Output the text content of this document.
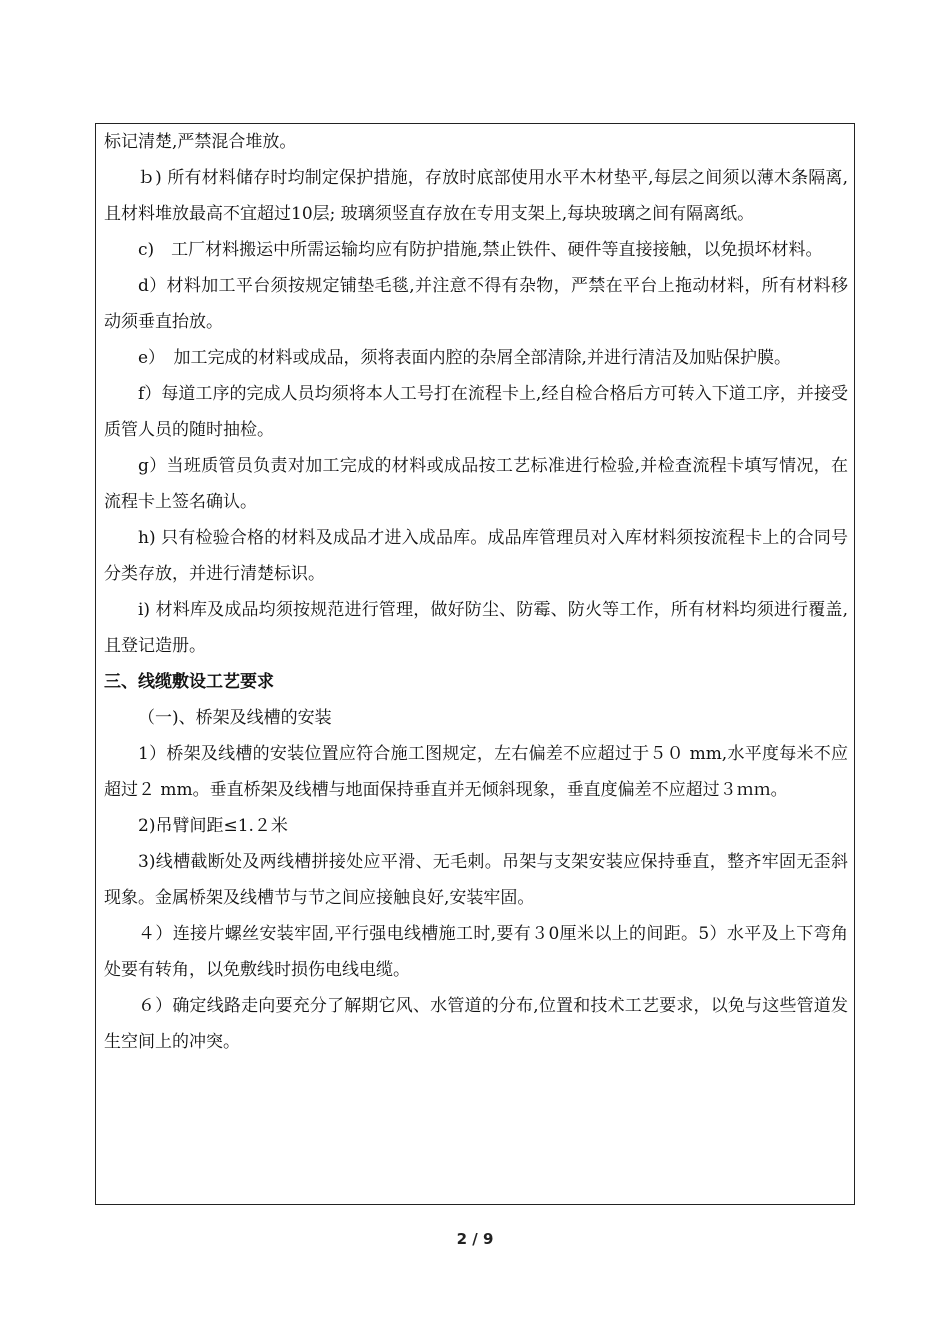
标记清楚,严禁混合堆放。

ｂ) 所有材料储存时均制定保护措施，存放时底部使用水平木材垫平,每层之间须以薄木条隔离,且材料堆放最高不宜超过10层; 玻璃须竖直存放在专用支架上,每块玻璃之间有隔离纸。

c)　工厂材料搬运中所需运输均应有防护措施,禁止铁件、硬件等直接接触，以免损坏材料。

d）材料加工平台须按规定铺垫毛毯,并注意不得有杂物，严禁在平台上拖动材料，所有材料移动须垂直抬放。

e）　加工完成的材料或成品，须将表面内腔的杂屑全部清除,并进行清洁及加贴保护膜。

f）每道工序的完成人员均须将本人工号打在流程卡上,经自检合格后方可转入下道工序，并接受质管人员的随时抽检。

g）当班质管员负责对加工完成的材料或成品按工艺标准进行检验,并检查流程卡填写情况，在流程卡上签名确认。

h) 只有检验合格的材料及成品才进入成品库。成品库管理员对入库材料须按流程卡上的合同号分类存放，并进行清楚标识。

i) 材料库及成品均须按规范进行管理，做好防尘、防霉、防火等工作，所有材料均须进行覆盖,且登记造册。

三、线缆敷设工艺要求

（一)、桥架及线槽的安装

1）桥架及线槽的安装位置应符合施工图规定，左右偏差不应超过于５０ mm,水平度每米不应超过２ mm。垂直桥架及线槽与地面保持垂直并无倾斜现象，垂直度偏差不应超过３ｍｍ。

2)吊臂间距≤1.２米

3)线槽截断处及两线槽拼接处应平滑、无毛刺。吊架与支架安装应保持垂直，整齐牢固无歪斜现象。金属桥架及线槽节与节之间应接触良好,安装牢固。

４）连接片螺丝安装牢固,平行强电线槽施工时,要有３0厘米以上的间距。5）水平及上下弯角处要有转角，以免敷线时损伤电线电缆。

６）确定线路走向要充分了解期它风、水管道的分布,位置和技术工艺要求，以免与这些管道发生空间上的冲突。

2 / 9
